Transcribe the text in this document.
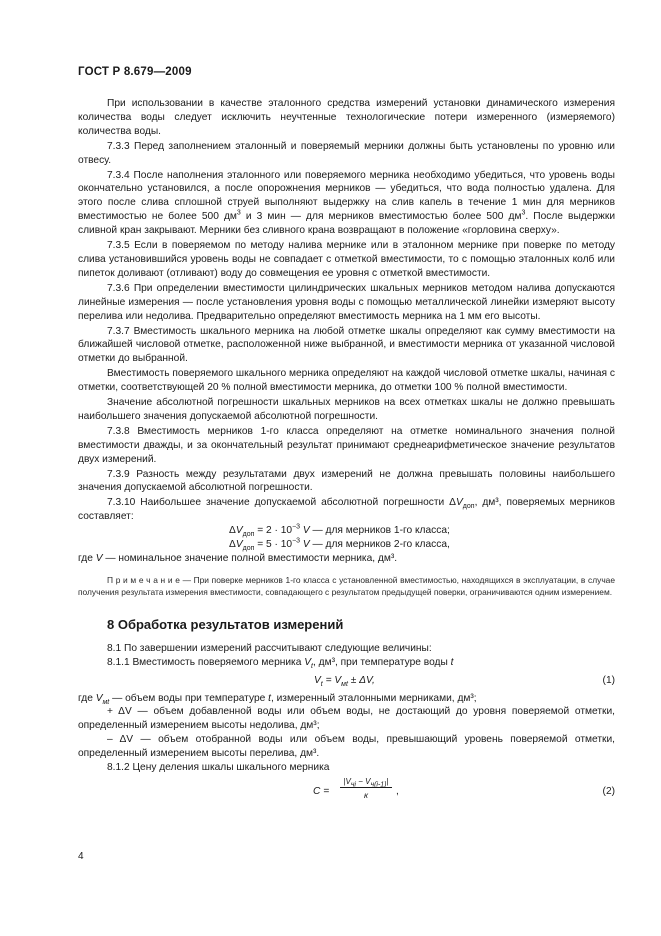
ГОСТ Р 8.679—2009

При использовании в качестве эталонного средства измерений установки динамического измерения количества воды следует исключить неучтенные технологические потери измеренного (измеряемого) количества воды.

7.3.3 Перед заполнением эталонный и поверяемый мерники должны быть установлены по уровню или отвесу.

7.3.4 После наполнения эталонного или поверяемого мерника необходимо убедиться, что уровень воды окончательно установился, а после опорожнения мерников — убедиться, что вода полностью удалена. Для этого после слива сплошной струей выполняют выдержку на слив капель в течение 1 мин для мерников вместимостью не более 500 $дм^3$ и 3 мин — для мерников вместимостью более 500 $дм^3$. После выдержки сливной кран закрывают. Мерники без сливного крана возвращают в положение «горловина сверху».

7.3.5 Если в поверяемом по методу налива мернике или в эталонном мернике при поверке по методу слива установившийся уровень воды не совпадает с отметкой вместимости, то с помощью эталонных колб или пипеток доливают (отливают) воду до совмещения ее уровня с отметкой вместимости.

7.3.6 При определении вместимости цилиндрических шкальных мерников методом налива допускаются линейные измерения — после установления уровня воды с помощью металлической линейки измеряют высоту перелива или недолива. Предварительно определяют вместимость мерника на 1 мм его высоты.

7.3.7 Вместимость шкального мерника на любой отметке шкалы определяют как сумму вместимости на ближайшей числовой отметке, расположенной ниже выбранной, и вместимости мерника от указанной числовой отметки до выбранной.

Вместимость поверяемого шкального мерника определяют на каждой числовой отметке шкалы, начиная с отметки, соответствующей 20 % полной вместимости мерника, до отметки 100 % полной вместимости.

Значение абсолютной погрешности шкальных мерников на всех отметках шкалы не должно превышать наибольшего значения допускаемой абсолютной погрешности.

7.3.8 Вместимость мерников 1-го класса определяют на отметке номинального значения полной вместимости дважды, и за окончательный результат принимают среднеарифметическое значение результатов двух измерений.

7.3.9 Разность между результатами двух измерений не должна превышать половины наибольшего значения допускаемой абсолютной погрешности.

7.3.10 Наибольшее значение допускаемой абсолютной погрешности $\Delta V_{доп}$, дм³, поверяемых мерников составляет:

$\Delta V_{доп} = 2 \cdot 10^{-3}$ V — для мерников 1-го класса;
$\Delta V_{доп} = 5 \cdot 10^{-3}$ V — для мерников 2-го класса,
где V — номинальное значение полной вместимости мерника, дм³.
П р и м е ч а н и е — При поверке мерников 1-го класса с установленной вместимостью, находящихся в эксплуатации, в случае получения результата измерения вместимости, совпадающего с результатом предыдущей поверки, ограничиваются одним измерением.
8 Обработка результатов измерений

8.1 По завершении измерений рассчитывают следующие величины:

8.1.1 Вместимость поверяемого мерника $V_t$, дм³, при температуре воды t

$V_t = V_{мt} \pm \Delta V$,	(1)
где $V_{мt}$ — объем воды при температуре t, измеренный эталонными мерниками, дм³;

+ ΔV — объем добавленной воды или объем воды, не достающий до уровня поверяемой отметки, определенный измерением высоты недолива, дм³;

– ΔV — объем отобранной воды или объем воды, превышающий уровень поверяемой отметки, определенный измерением высоты перелива, дм³.

8.1.2 Цену деления шкалы шкального мерника

C =
$|V_{чi} - V_{ч(i-1)}|$
к	,	(2)
4
